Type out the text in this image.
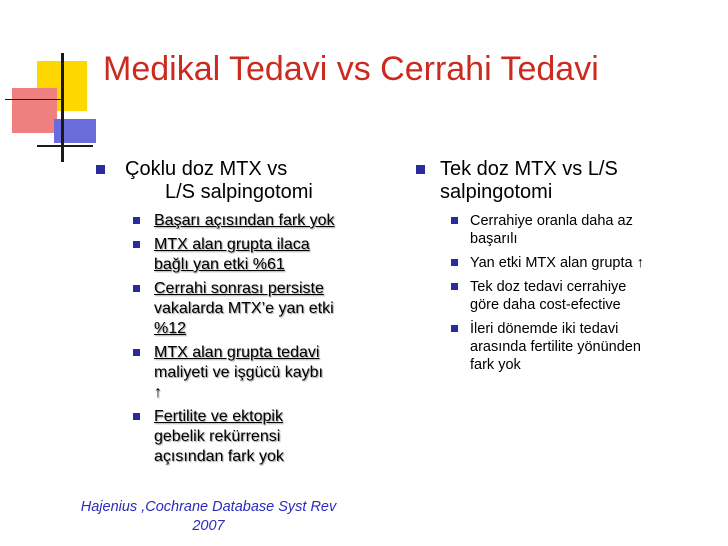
Medikal Tedavi vs Cerrahi Tedavi
Çoklu doz MTX vs
L/S salpingotomi
Başarı açısından fark yok
MTX alan grupta ilaca
bağlı yan etki %61
Cerrahi sonrası persiste
vakalarda MTX’e yan etki
%12
MTX alan grupta tedavi
maliyeti ve işgücü kaybı
↑
Fertilite ve ektopik
gebelik rekürrensi
açısından fark yok
Tek doz MTX vs L/S
salpingotomi
Cerrahiye oranla daha az
başarılı
Yan etki MTX alan grupta ↑
Tek doz tedavi cerrahiye
göre daha cost-efective
İleri dönemde iki tedavi
arasında fertilite yönünden
fark yok
Hajenius ,Cochrane Database Syst Rev
2007
